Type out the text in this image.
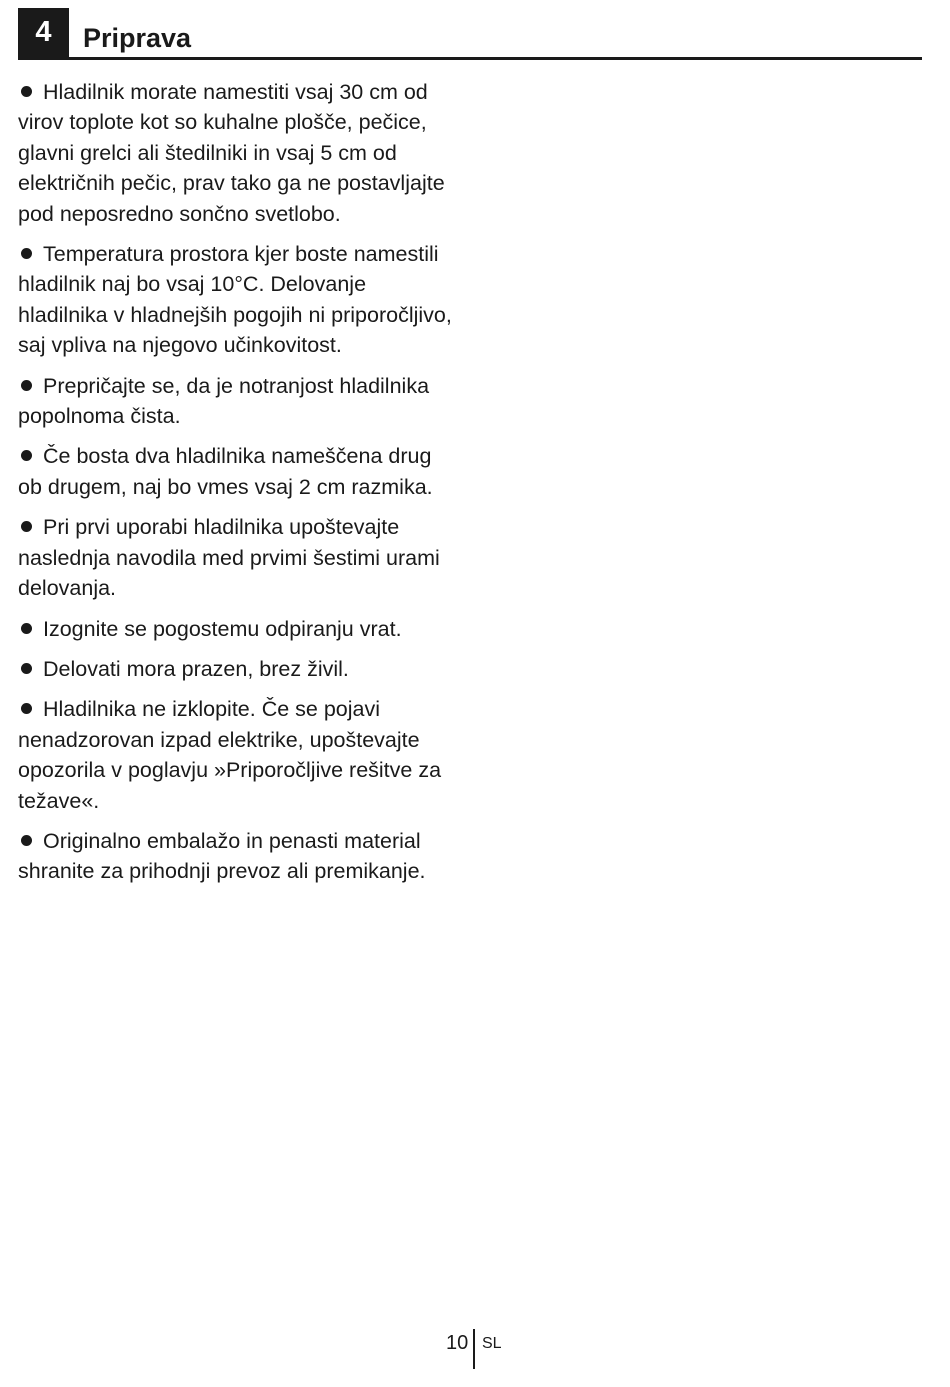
4	Priprava

Hladilnik morate namestiti vsaj 30 cm od virov toplote kot so kuhalne plošče, pečice, glavni grelci ali štedilniki in vsaj 5 cm od električnih pečic, prav tako ga ne postavljajte pod neposredno sončno svetlobo.

Temperatura prostora kjer boste namestili hladilnik naj bo vsaj 10°C. Delovanje hladilnika v hladnejših pogojih ni priporočljivo, saj vpliva na njegovo učinkovitost.

Prepričajte se, da je notranjost hladilnika popolnoma čista.

Če bosta dva hladilnika nameščena drug ob drugem, naj bo vmes vsaj 2 cm razmika.

Pri prvi uporabi hladilnika upoštevajte naslednja navodila med prvimi šestimi urami delovanja.

Izognite se pogostemu odpiranju vrat.

Delovati mora prazen, brez živil.

Hladilnika ne izklopite. Če se pojavi nenadzorovan izpad elektrike, upoštevajte opozorila v poglavju »Priporočljive rešitve za težave«.

Originalno embalažo in penasti material shranite za prihodnji prevoz ali premikanje.

10 SL
